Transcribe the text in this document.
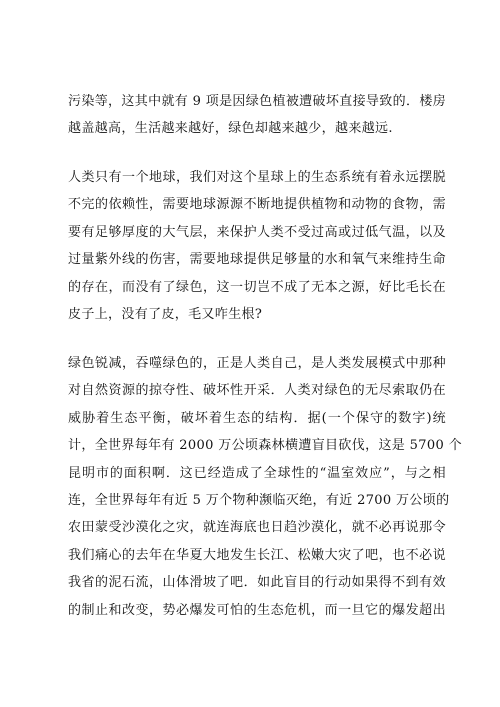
污染等，这其中就有 9 项是因绿色植被遭破坏直接导致的．楼房
越盖越高，生活越来越好，绿色却越来越少，越来越远.
人类只有一个地球，我们对这个星球上的生态系统有着永远摆脱
不完的依赖性，需要地球源源不断地提供植物和动物的食物，需
要有足够厚度的大气层，来保护人类不受过高或过低气温，以及
过量紫外线的伤害，需要地球提供足够量的水和氧气来维持生命
的存在，而没有了绿色，这一切岂不成了无本之源，好比毛长在
皮子上，没有了皮，毛又咋生根?
绿色锐减，吞噬绿色的，正是人类自己，是人类发展模式中那种
对自然资源的掠夺性、破坏性开采．人类对绿色的无尽索取仍在
威胁着生态平衡，破坏着生态的结构．据(一个保守的数字)统
计，全世界每年有 2000 万公顷森林横遭盲目砍伐，这是 5700 个
昆明市的面积啊．这已经造成了全球性的“温室效应”，与之相
连，全世界每年有近 5 万个物种濒临灭绝，有近 2700 万公顷的
农田蒙受沙漠化之灾，就连海底也日趋沙漠化，就不必再说那令
我们痛心的去年在华夏大地发生长江、松嫩大灾了吧，也不必说
我省的泥石流，山体滑坡了吧．如此盲目的行动如果得不到有效
的制止和改变，势必爆发可怕的生态危机，而一旦它的爆发超出
